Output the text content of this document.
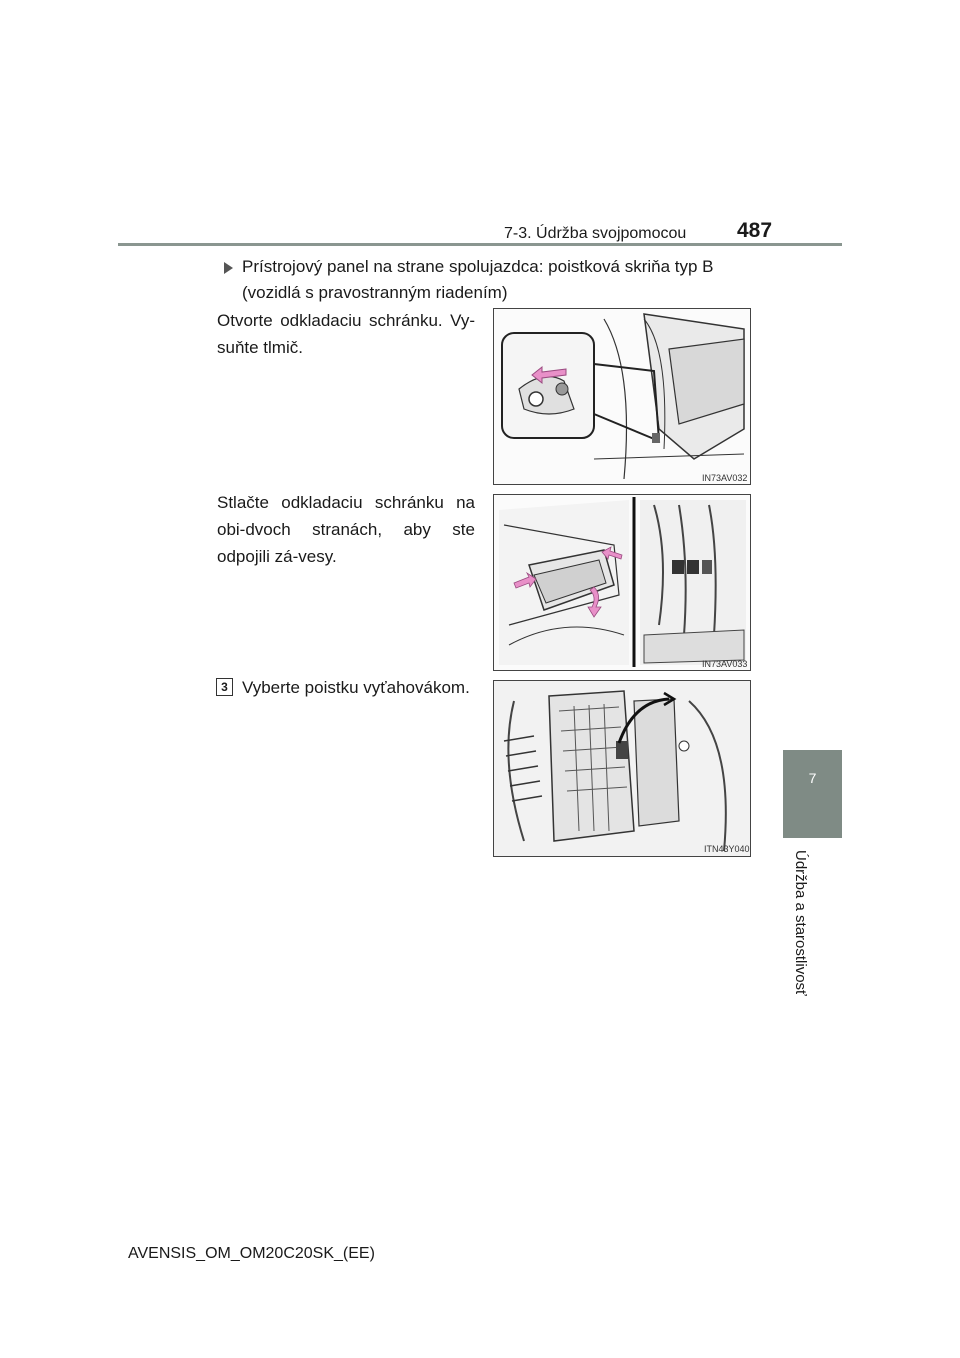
7-3. Údržba svojpomocou 487
7
Údržba a starostlivosť
Prístrojový panel na strane spolujazdca: poistková skriňa typ B (vozidlá s pravostranným riadením)
Otvorte odkladaciu schránku. Vy-suňte tlmič.
Stlačte odkladaciu schránku na obi-dvoch stranách, aby ste odpojili zá-vesy.
3 Vyberte poistku vyťahovákom.
IN73AV032
IN73AV033
ITN43Y040
AVENSIS_OM_OM20C20SK_(EE)
